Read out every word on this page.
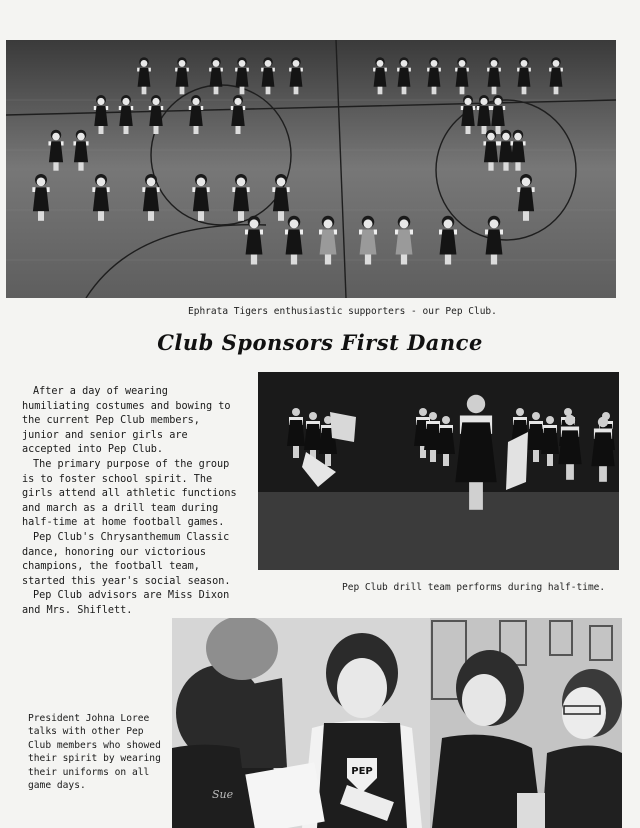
Ephrata Tigers enthusiastic supporters - our Pep Club.
Club Sponsors First Dance

After a day of wearing humiliating costumes and bowing to the current Pep Club members, junior and senior girls are accepted into Pep Club.

The primary purpose of the group is to foster school spirit. The girls attend all athletic functions and march as a drill team during half-time at home football games.

Pep Club's Chrysanthemum Classic dance, honoring our victorious champions, the football team, started this year's social season.

Pep Club advisors are Miss Dixon and Mrs. Shiflett.

Pep Club drill team performs during half-time.
President Johna Loree talks with other Pep Club members who showed their spirit by wearing their uniforms on all game days.
Sue
PEP
